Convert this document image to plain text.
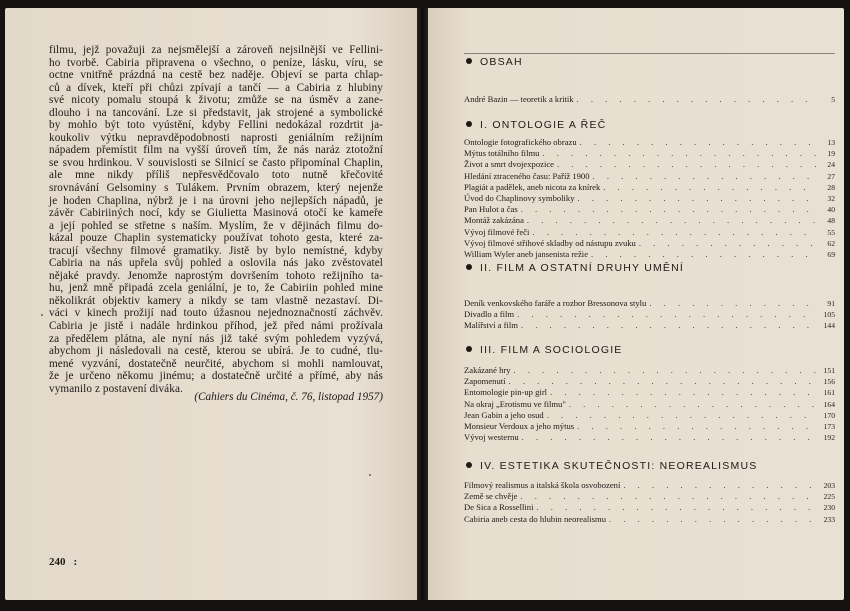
filmu, jejž považuji za nejsmělejší a zároveň nejsilnější ve Fellini-

ho tvorbě. Cabiria připravena o všechno, o peníze, lásku, víru, se

octne vnitřně prázdná na cestě bez naděje. Objeví se parta chlap-

ců a dívek, kteří při chůzi zpívají a tančí — a Cabiria z hlubiny

své nicoty pomalu stoupá k životu; zmůže se na úsměv a zane-

dlouho i na tancování. Lze si představit, jak strojené a symbolické

by mohlo být toto vyústění, kdyby Fellini nedokázal rozdrtit ja-

koukoliv výtku nepravděpodobnosti naprosti geniálním režijním

nápadem přemístit film na vyšší úroveň tím, že nás naráz ztotožní

se svou hrdinkou. V souvislosti se Silnicí se často připomínal Chaplin,

ale mne nikdy příliš nepřesvědčovalo toto nutně křečovité

srovnávání Gelsominy s Tulákem. Prvním obrazem, který nejenže

je hoden Chaplina, nýbrž je i na úrovni jeho nejlepších nápadů, je

závěr Cabiriiných nocí, kdy se Giulietta Masinová otočí ke kameře

a její pohled se střetne s naším. Myslím, že v dějinách filmu do-

kázal pouze Chaplin systematicky používat tohoto gesta, které za-

tracují všechny filmové gramatiky. Jistě by bylo nemístné, kdyby

Cabiria na nás upřela svůj pohled a oslovila nás jako zvěstovatel

nějaké pravdy. Jenomže naprostým dovršením tohoto režijního ta-

hu, jenž mně připadá zcela geniální, je to, že Cabiriin pohled mine

několikrát objektiv kamery a nikdy se tam vlastně nezastaví. Di-

váci v kinech prožijí nad touto úžasnou nejednoznačností záchvěv.

Cabiria je jistě i nadále hrdinkou příhod, jež před námi prožívala

za předělem plátna, ale nyní nás již také svým pohledem vyzývá,

abychom ji následovali na cestě, kterou se ubírá. Je to cudné, tlu-

mené vyzvání, dostatečně neurčité, abychom si mohli namlouvat,

že je určeno někomu jinému; a dostatečně určité a přímé, aby nás

vymanilo z postavení diváka.

(Cahiers du Cinéma, č. 76, listopad 1957)
240 :
OBSAH
André Bazin — teoretik a kritik . . .	5
I. ONTOLOGIE A ŘEČ
Ontologie fotografického obrazu . . .	13
Mýtus totálního filmu . . .	19
Život a smrt dvojexpozice . . .	24
Hledání ztraceného času: Paříž 1900 . . .	27
Plagiát a padělek, aneb nicota za knírek . . .	28
Úvod do Chaplinovy symboliky . . .	32
Pan Hulot a čas . . .	40
Montáž zakázána . . .	48
Vývoj filmové řeči . . .	55
Vývoj filmové střihové skladby od nástupu zvuku . . .	62
William Wyler aneb jansenista režie . . .	69
II. FILM A OSTATNÍ DRUHY UMĚNÍ
Deník venkovského faráře a rozbor Bressonova stylu . . .	91
Divadlo a film . . .	105
Malířství a film . . .	144
III. FILM A SOCIOLOGIE
Zakázané hry . . .	151
Zapomenutí . . .	156
Entomologie pin-up girl . . .	161
Na okraj „Erotismu ve filmu" . . .	164
Jean Gabin a jeho osud . . .	170
Monsieur Verdoux a jeho mýtus . . .	173
Vývoj westernu . . .	192
IV. ESTETIKA SKUTEČNOSTI: NEOREALISMUS
Filmový realismus a italská škola osvobození . . .	203
Země se chvěje . . .	225
De Sica a Rossellini . . .	230
Cabiria aneb cesta do hlubin neorealismu . . .	233
